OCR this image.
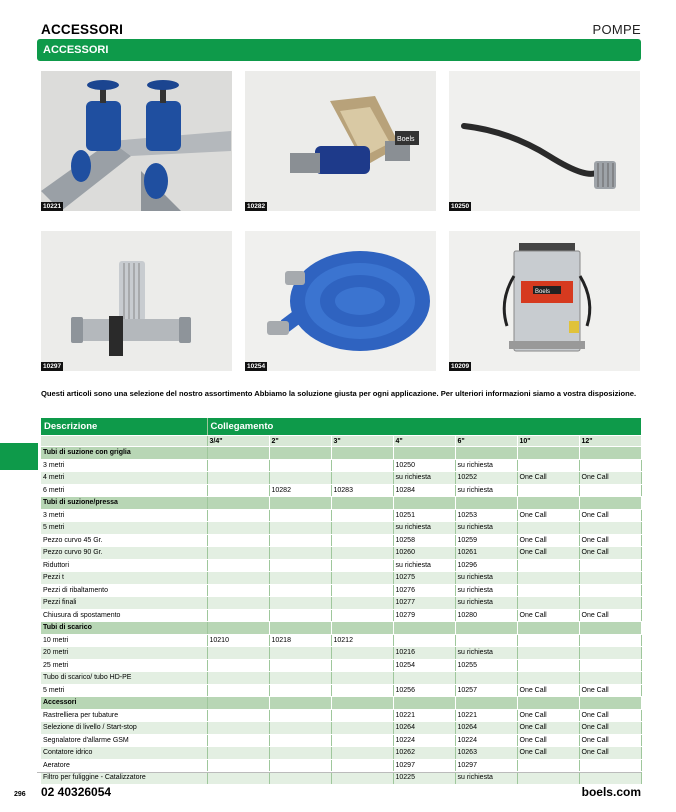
ACCESSORI	POMPE
ACCESSORI
10221
Boels
10282	10250
10297	10254
Boels
10209
Questi articoli sono una selezione del nostro assortimento Abbiamo la soluzione giusta per ogni applicazione. Per ulteriori informazioni siamo a vostra disposizione.
Descrizione	Collegamento						
	3/4"	2"	3"	4"	6"	10"	12"
Tubi di suzione con griglia							
3 metri				10250	su richiesta		
4 metri				su richiesta	10252	One Call	One Call
6 metri		10282	10283	10284	su richiesta		
Tubi di suzione/pressa							
3 metri				10251	10253	One Call	One Call
5 metri				su richiesta	su richiesta		
Pezzo curvo 45 Gr.				10258	10259	One Call	One Call
Pezzo curvo 90 Gr.				10260	10261	One Call	One Call
Riduttori				su richiesta	10296		
Pezzi t				10275	su richiesta		
Pezzi di ribaltamento				10276	su richiesta		
Pezzi finali				10277	su richiesta		
Chiusura di spostamento				10279	10280	One Call	One Call
Tubi di scarico							
10 metri	10210	10218	10212				
20 metri				10216	su richiesta		
25 metri				10254	10255		
Tubo di scarico/ tubo HD-PE							
5 metri				10256	10257	One Call	One Call
Accessori							
Rastrelliera per tubature				10221	10221	One Call	One Call
Selezione di livello / Start-stop				10264	10264	One Call	One Call
Segnalatore d'allarme GSM				10224	10224	One Call	One Call
Contatore idrico				10262	10263	One Call	One Call
Aeratore				10297	10297		
Filtro per fuliggine - Catalizzatore				10225	su richiesta		
296 02 40326054	boels.com
